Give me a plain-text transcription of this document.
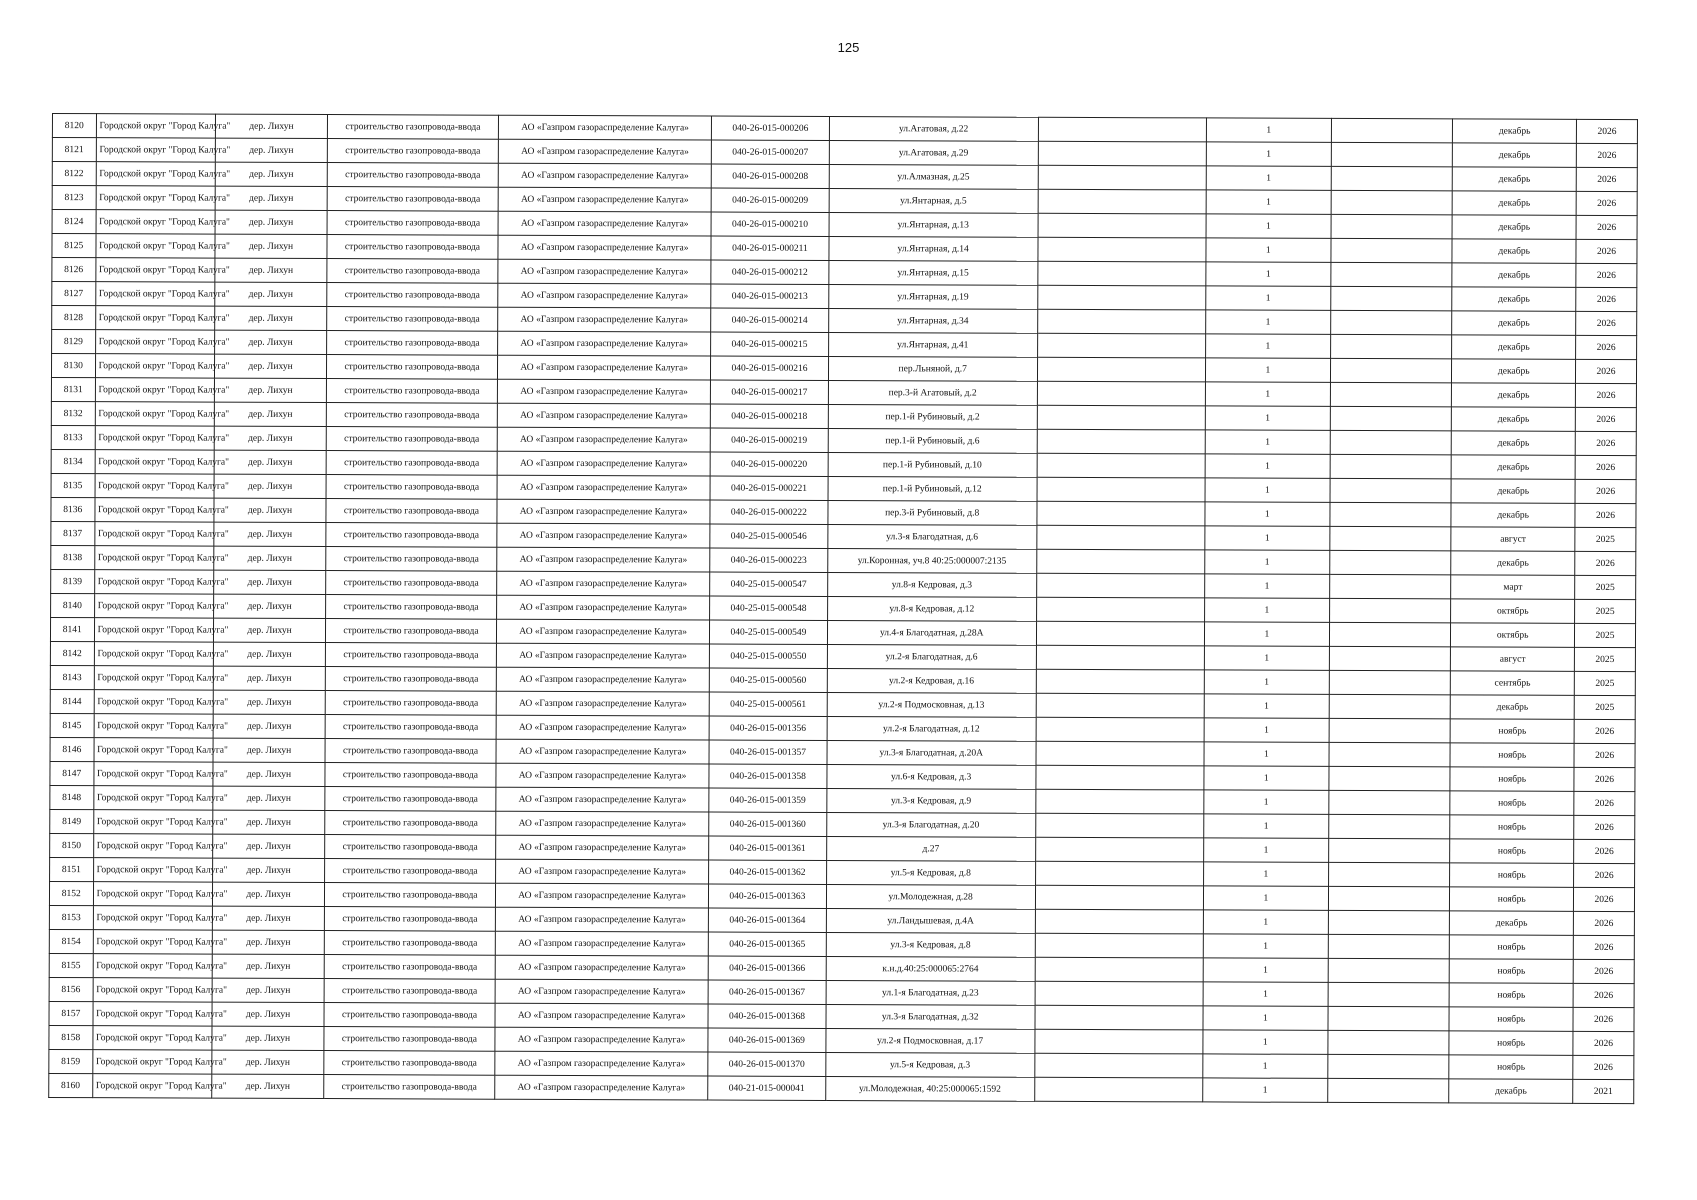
125
8120	Городской округ "Город Калуга"	дер. Лихун	строительство газопровода-ввода	АО «Газпром газораспределение Калуга»	040-26-015-000206	ул.Агатовая, д.22		1		декабрь	2026
8121	Городской округ "Город Калуга"	дер. Лихун	строительство газопровода-ввода	АО «Газпром газораспределение Калуга»	040-26-015-000207	ул.Агатовая, д.29		1		декабрь	2026
8122	Городской округ "Город Калуга"	дер. Лихун	строительство газопровода-ввода	АО «Газпром газораспределение Калуга»	040-26-015-000208	ул.Алмазная, д.25		1		декабрь	2026
8123	Городской округ "Город Калуга"	дер. Лихун	строительство газопровода-ввода	АО «Газпром газораспределение Калуга»	040-26-015-000209	ул.Янтарная, д.5		1		декабрь	2026
8124	Городской округ "Город Калуга"	дер. Лихун	строительство газопровода-ввода	АО «Газпром газораспределение Калуга»	040-26-015-000210	ул.Янтарная, д.13		1		декабрь	2026
8125	Городской округ "Город Калуга"	дер. Лихун	строительство газопровода-ввода	АО «Газпром газораспределение Калуга»	040-26-015-000211	ул.Янтарная, д.14		1		декабрь	2026
8126	Городской округ "Город Калуга"	дер. Лихун	строительство газопровода-ввода	АО «Газпром газораспределение Калуга»	040-26-015-000212	ул.Янтарная, д.15		1		декабрь	2026
8127	Городской округ "Город Калуга"	дер. Лихун	строительство газопровода-ввода	АО «Газпром газораспределение Калуга»	040-26-015-000213	ул.Янтарная, д.19		1		декабрь	2026
8128	Городской округ "Город Калуга"	дер. Лихун	строительство газопровода-ввода	АО «Газпром газораспределение Калуга»	040-26-015-000214	ул.Янтарная, д.34		1		декабрь	2026
8129	Городской округ "Город Калуга"	дер. Лихун	строительство газопровода-ввода	АО «Газпром газораспределение Калуга»	040-26-015-000215	ул.Янтарная, д.41		1		декабрь	2026
8130	Городской округ "Город Калуга"	дер. Лихун	строительство газопровода-ввода	АО «Газпром газораспределение Калуга»	040-26-015-000216	пер.Льняной, д.7		1		декабрь	2026
8131	Городской округ "Город Калуга"	дер. Лихун	строительство газопровода-ввода	АО «Газпром газораспределение Калуга»	040-26-015-000217	пер.3-й Агатовый, д.2		1		декабрь	2026
8132	Городской округ "Город Калуга"	дер. Лихун	строительство газопровода-ввода	АО «Газпром газораспределение Калуга»	040-26-015-000218	пер.1-й Рубиновый, д.2		1		декабрь	2026
8133	Городской округ "Город Калуга"	дер. Лихун	строительство газопровода-ввода	АО «Газпром газораспределение Калуга»	040-26-015-000219	пер.1-й Рубиновый, д.6		1		декабрь	2026
8134	Городской округ "Город Калуга"	дер. Лихун	строительство газопровода-ввода	АО «Газпром газораспределение Калуга»	040-26-015-000220	пер.1-й Рубиновый, д.10		1		декабрь	2026
8135	Городской округ "Город Калуга"	дер. Лихун	строительство газопровода-ввода	АО «Газпром газораспределение Калуга»	040-26-015-000221	пер.1-й Рубиновый, д.12		1		декабрь	2026
8136	Городской округ "Город Калуга"	дер. Лихун	строительство газопровода-ввода	АО «Газпром газораспределение Калуга»	040-26-015-000222	пер.3-й Рубиновый, д.8		1		декабрь	2026
8137	Городской округ "Город Калуга"	дер. Лихун	строительство газопровода-ввода	АО «Газпром газораспределение Калуга»	040-25-015-000546	ул.3-я Благодатная, д.6		1		август	2025
8138	Городской округ "Город Калуга"	дер. Лихун	строительство газопровода-ввода	АО «Газпром газораспределение Калуга»	040-26-015-000223	ул.Коронная, уч.8 40:25:000007:2135		1		декабрь	2026
8139	Городской округ "Город Калуга"	дер. Лихун	строительство газопровода-ввода	АО «Газпром газораспределение Калуга»	040-25-015-000547	ул.8-я Кедровая, д.3		1		март	2025
8140	Городской округ "Город Калуга"	дер. Лихун	строительство газопровода-ввода	АО «Газпром газораспределение Калуга»	040-25-015-000548	ул.8-я Кедровая, д.12		1		октябрь	2025
8141	Городской округ "Город Калуга"	дер. Лихун	строительство газопровода-ввода	АО «Газпром газораспределение Калуга»	040-25-015-000549	ул.4-я Благодатная, д.28А		1		октябрь	2025
8142	Городской округ "Город Калуга"	дер. Лихун	строительство газопровода-ввода	АО «Газпром газораспределение Калуга»	040-25-015-000550	ул.2-я Благодатная, д.6		1		август	2025
8143	Городской округ "Город Калуга"	дер. Лихун	строительство газопровода-ввода	АО «Газпром газораспределение Калуга»	040-25-015-000560	ул.2-я Кедровая, д.16		1		сентябрь	2025
8144	Городской округ "Город Калуга"	дер. Лихун	строительство газопровода-ввода	АО «Газпром газораспределение Калуга»	040-25-015-000561	ул.2-я Подмосковная, д.13		1		декабрь	2025
8145	Городской округ "Город Калуга"	дер. Лихун	строительство газопровода-ввода	АО «Газпром газораспределение Калуга»	040-26-015-001356	ул.2-я Благодатная, д.12		1		ноябрь	2026
8146	Городской округ "Город Калуга"	дер. Лихун	строительство газопровода-ввода	АО «Газпром газораспределение Калуга»	040-26-015-001357	ул.3-я Благодатная, д.20А		1		ноябрь	2026
8147	Городской округ "Город Калуга"	дер. Лихун	строительство газопровода-ввода	АО «Газпром газораспределение Калуга»	040-26-015-001358	ул.6-я Кедровая, д.3		1		ноябрь	2026
8148	Городской округ "Город Калуга"	дер. Лихун	строительство газопровода-ввода	АО «Газпром газораспределение Калуга»	040-26-015-001359	ул.3-я Кедровая, д.9		1		ноябрь	2026
8149	Городской округ "Город Калуга"	дер. Лихун	строительство газопровода-ввода	АО «Газпром газораспределение Калуга»	040-26-015-001360	ул.3-я Благодатная, д.20		1		ноябрь	2026
8150	Городской округ "Город Калуга"	дер. Лихун	строительство газопровода-ввода	АО «Газпром газораспределение Калуга»	040-26-015-001361	д.27		1		ноябрь	2026
8151	Городской округ "Город Калуга"	дер. Лихун	строительство газопровода-ввода	АО «Газпром газораспределение Калуга»	040-26-015-001362	ул.5-я Кедровая, д.8		1		ноябрь	2026
8152	Городской округ "Город Калуга"	дер. Лихун	строительство газопровода-ввода	АО «Газпром газораспределение Калуга»	040-26-015-001363	ул.Молодежная, д.28		1		ноябрь	2026
8153	Городской округ "Город Калуга"	дер. Лихун	строительство газопровода-ввода	АО «Газпром газораспределение Калуга»	040-26-015-001364	ул.Ландышевая, д.4А		1		декабрь	2026
8154	Городской округ "Город Калуга"	дер. Лихун	строительство газопровода-ввода	АО «Газпром газораспределение Калуга»	040-26-015-001365	ул.3-я Кедровая, д.8		1		ноябрь	2026
8155	Городской округ "Город Калуга"	дер. Лихун	строительство газопровода-ввода	АО «Газпром газораспределение Калуга»	040-26-015-001366	к.н.д.40:25:000065:2764		1		ноябрь	2026
8156	Городской округ "Город Калуга"	дер. Лихун	строительство газопровода-ввода	АО «Газпром газораспределение Калуга»	040-26-015-001367	ул.1-я Благодатная, д.23		1		ноябрь	2026
8157	Городской округ "Город Калуга"	дер. Лихун	строительство газопровода-ввода	АО «Газпром газораспределение Калуга»	040-26-015-001368	ул.3-я Благодатная, д.32		1		ноябрь	2026
8158	Городской округ "Город Калуга"	дер. Лихун	строительство газопровода-ввода	АО «Газпром газораспределение Калуга»	040-26-015-001369	ул.2-я Подмосковная, д.17		1		ноябрь	2026
8159	Городской округ "Город Калуга"	дер. Лихун	строительство газопровода-ввода	АО «Газпром газораспределение Калуга»	040-26-015-001370	ул.5-я Кедровая, д.3		1		ноябрь	2026
8160	Городской округ "Город Калуга"	дер. Лихун	строительство газопровода-ввода	АО «Газпром газораспределение Калуга»	040-21-015-000041	ул.Молодежная, 40:25:000065:1592		1		декабрь	2021
